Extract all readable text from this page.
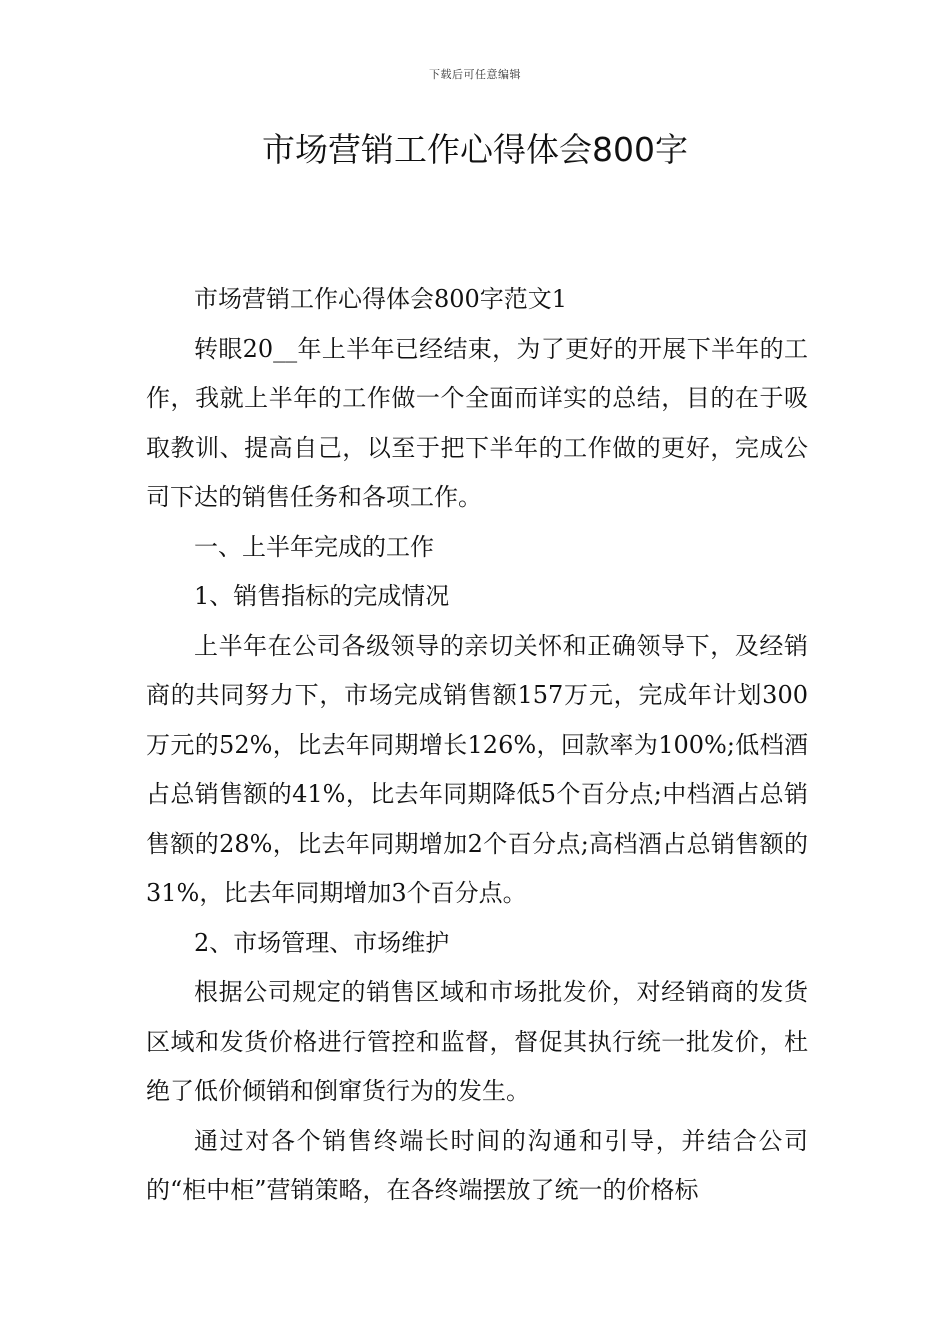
下载后可任意编辑
市场营销工作心得体会800字

市场营销工作心得体会800字范文1

转眼20__年上半年已经结束，为了更好的开展下半年的工作，我就上半年的工作做一个全面而详实的总结，目的在于吸取教训、提高自己，以至于把下半年的工作做的更好，完成公司下达的销售任务和各项工作。

一、上半年完成的工作

1、销售指标的完成情况

上半年在公司各级领导的亲切关怀和正确领导下，及经销商的共同努力下，市场完成销售额157万元，完成年计划300万元的52%，比去年同期增长126%，回款率为100%;低档酒占总销售额的41%，比去年同期降低5个百分点;中档酒占总销售额的28%，比去年同期增加2个百分点;高档酒占总销售额的31%，比去年同期增加3个百分点。

2、市场管理、市场维护

根据公司规定的销售区域和市场批发价，对经销商的发货区域和发货价格进行管控和监督，督促其执行统一批发价，杜绝了低价倾销和倒窜货行为的发生。

通过对各个销售终端长时间的沟通和引导，并结合公司的“柜中柜”营销策略，在各终端摆放了统一的价格标
